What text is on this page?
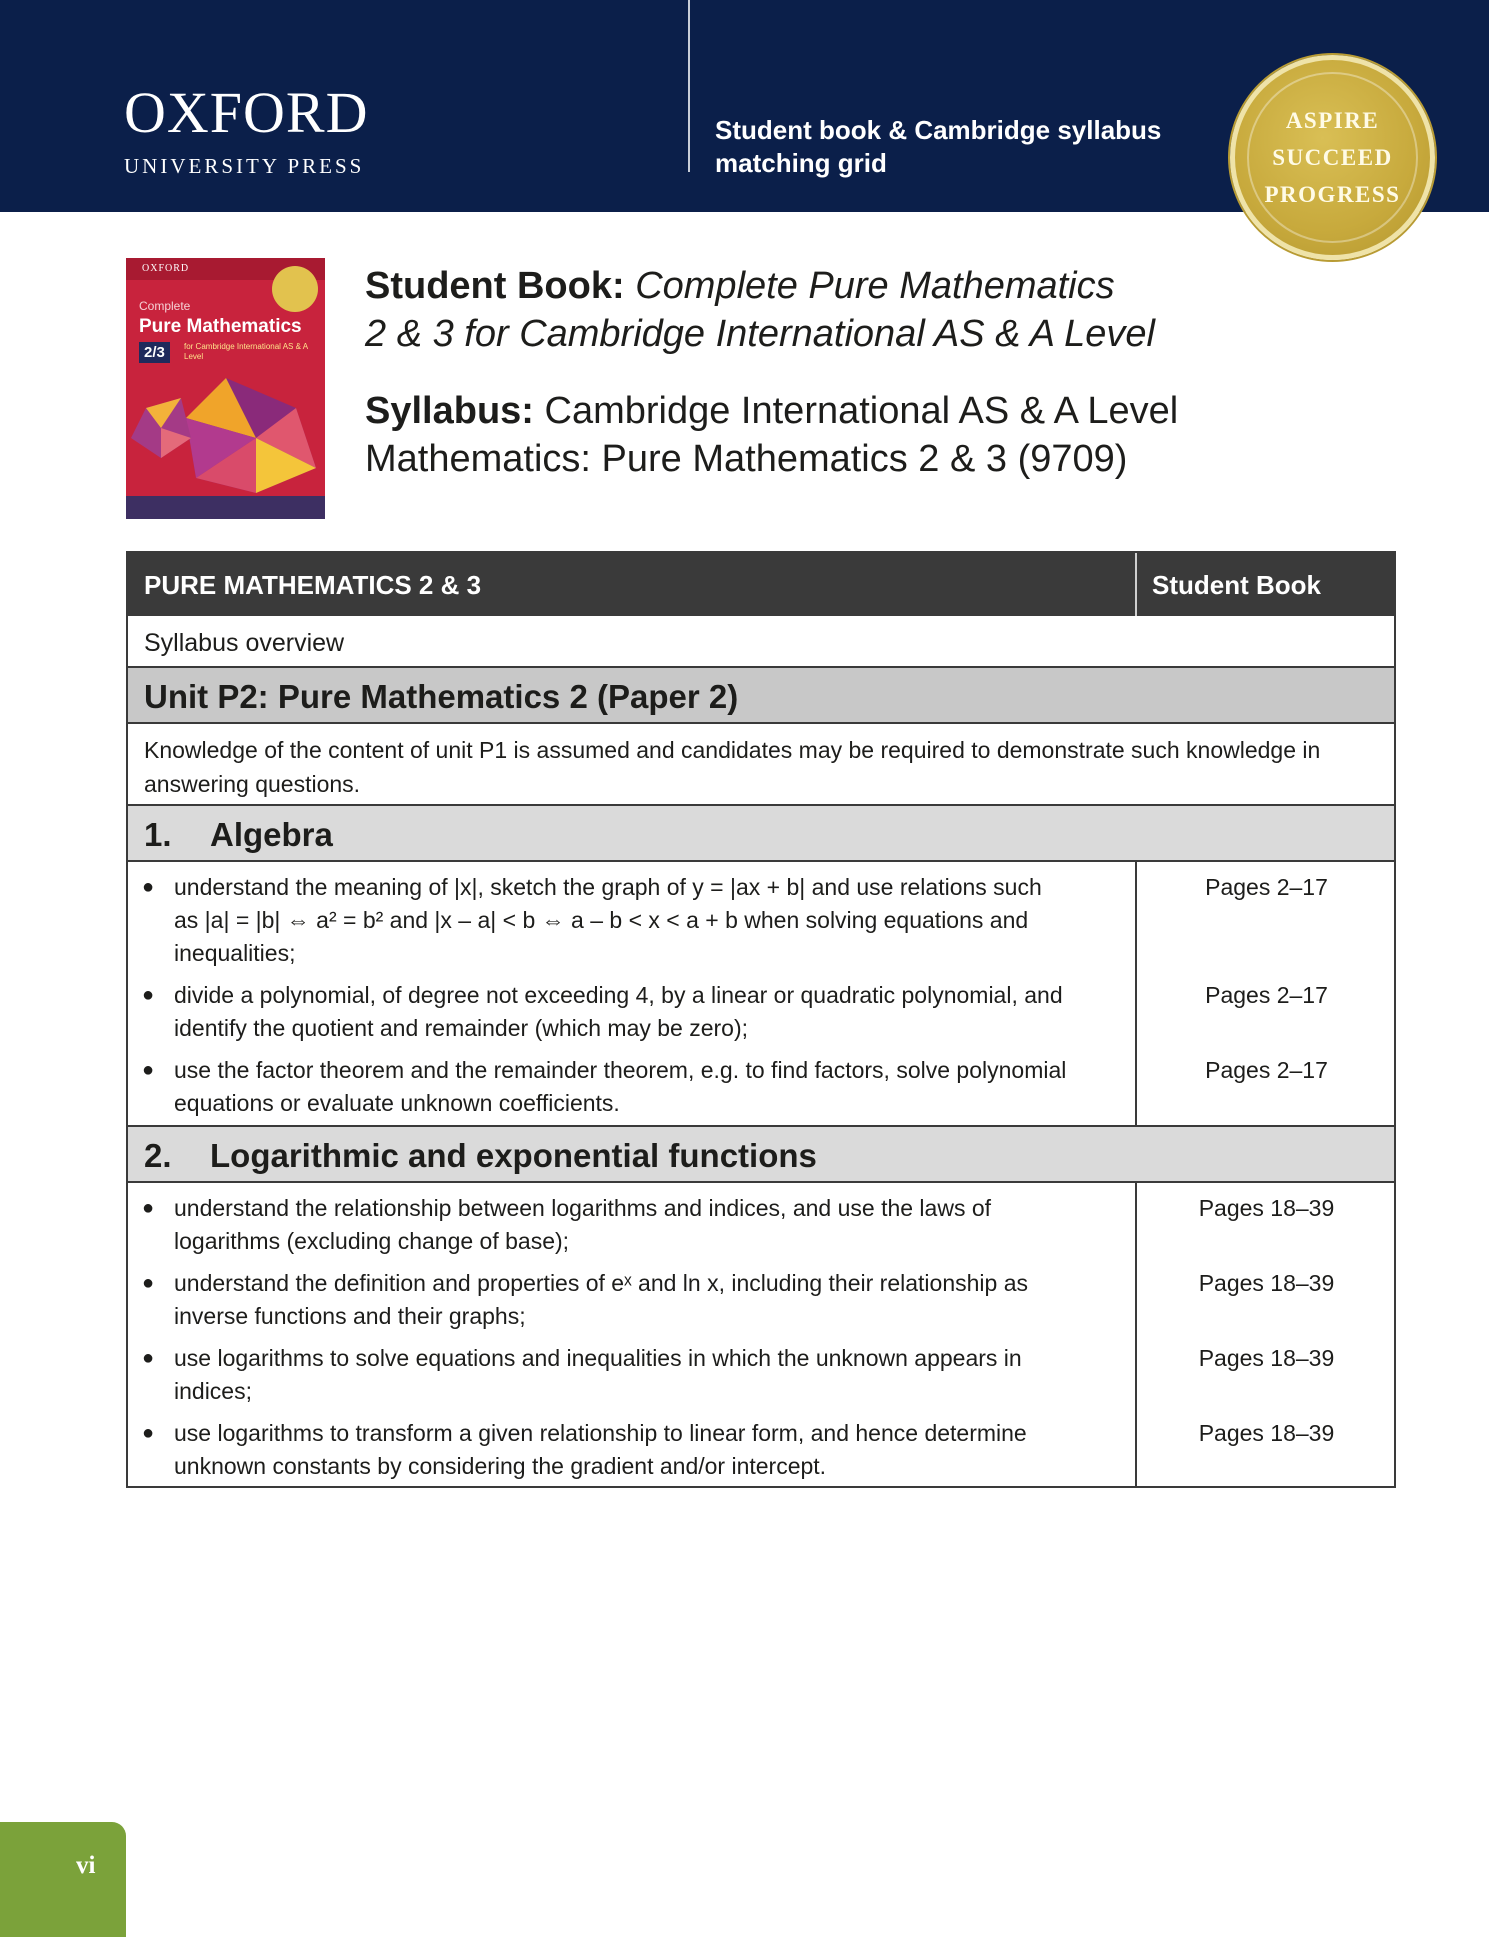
OXFORD
UNIVERSITY PRESS
Student book & Cambridge syllabus
matching grid
ASPIRE
SUCCEED
PROGRESS
OXFORD
Complete
Pure Mathematics
2/3	for Cambridge International AS & A Level
Student Book: Complete Pure Mathematics
2 & 3 for Cambridge International AS & A Level
Syllabus: Cambridge International AS & A Level
Mathematics: Pure Mathematics 2 & 3 (9709)
PURE MATHEMATICS 2 & 3	Student Book
Syllabus overview
Unit P2: Pure Mathematics 2 (Paper 2)
Knowledge of the content of unit P1 is assumed and candidates may be required to demonstrate such knowledge in answering questions.
1. Algebra
● understand the meaning of |x|, sketch the graph of y = |ax + b| and use relations such
as |a| = |b| ⇔ a² = b² and |x – a| < b ⇔ a – b < x < a + b when solving equations and
inequalities;
Pages 2–17
● divide a polynomial, of degree not exceeding 4, by a linear or quadratic polynomial, and
identify the quotient and remainder (which may be zero);
Pages 2–17
● use the factor theorem and the remainder theorem, e.g. to find factors, solve polynomial
equations or evaluate unknown coefficients.
Pages 2–17
2. Logarithmic and exponential functions
● understand the relationship between logarithms and indices, and use the laws of
logarithms (excluding change of base);
Pages 18–39
● understand the definition and properties of eˣ and ln x, including their relationship as
inverse functions and their graphs;
Pages 18–39
● use logarithms to solve equations and inequalities in which the unknown appears in
indices;
Pages 18–39
● use logarithms to transform a given relationship to linear form, and hence determine
unknown constants by considering the gradient and/or intercept.
Pages 18–39
vi
